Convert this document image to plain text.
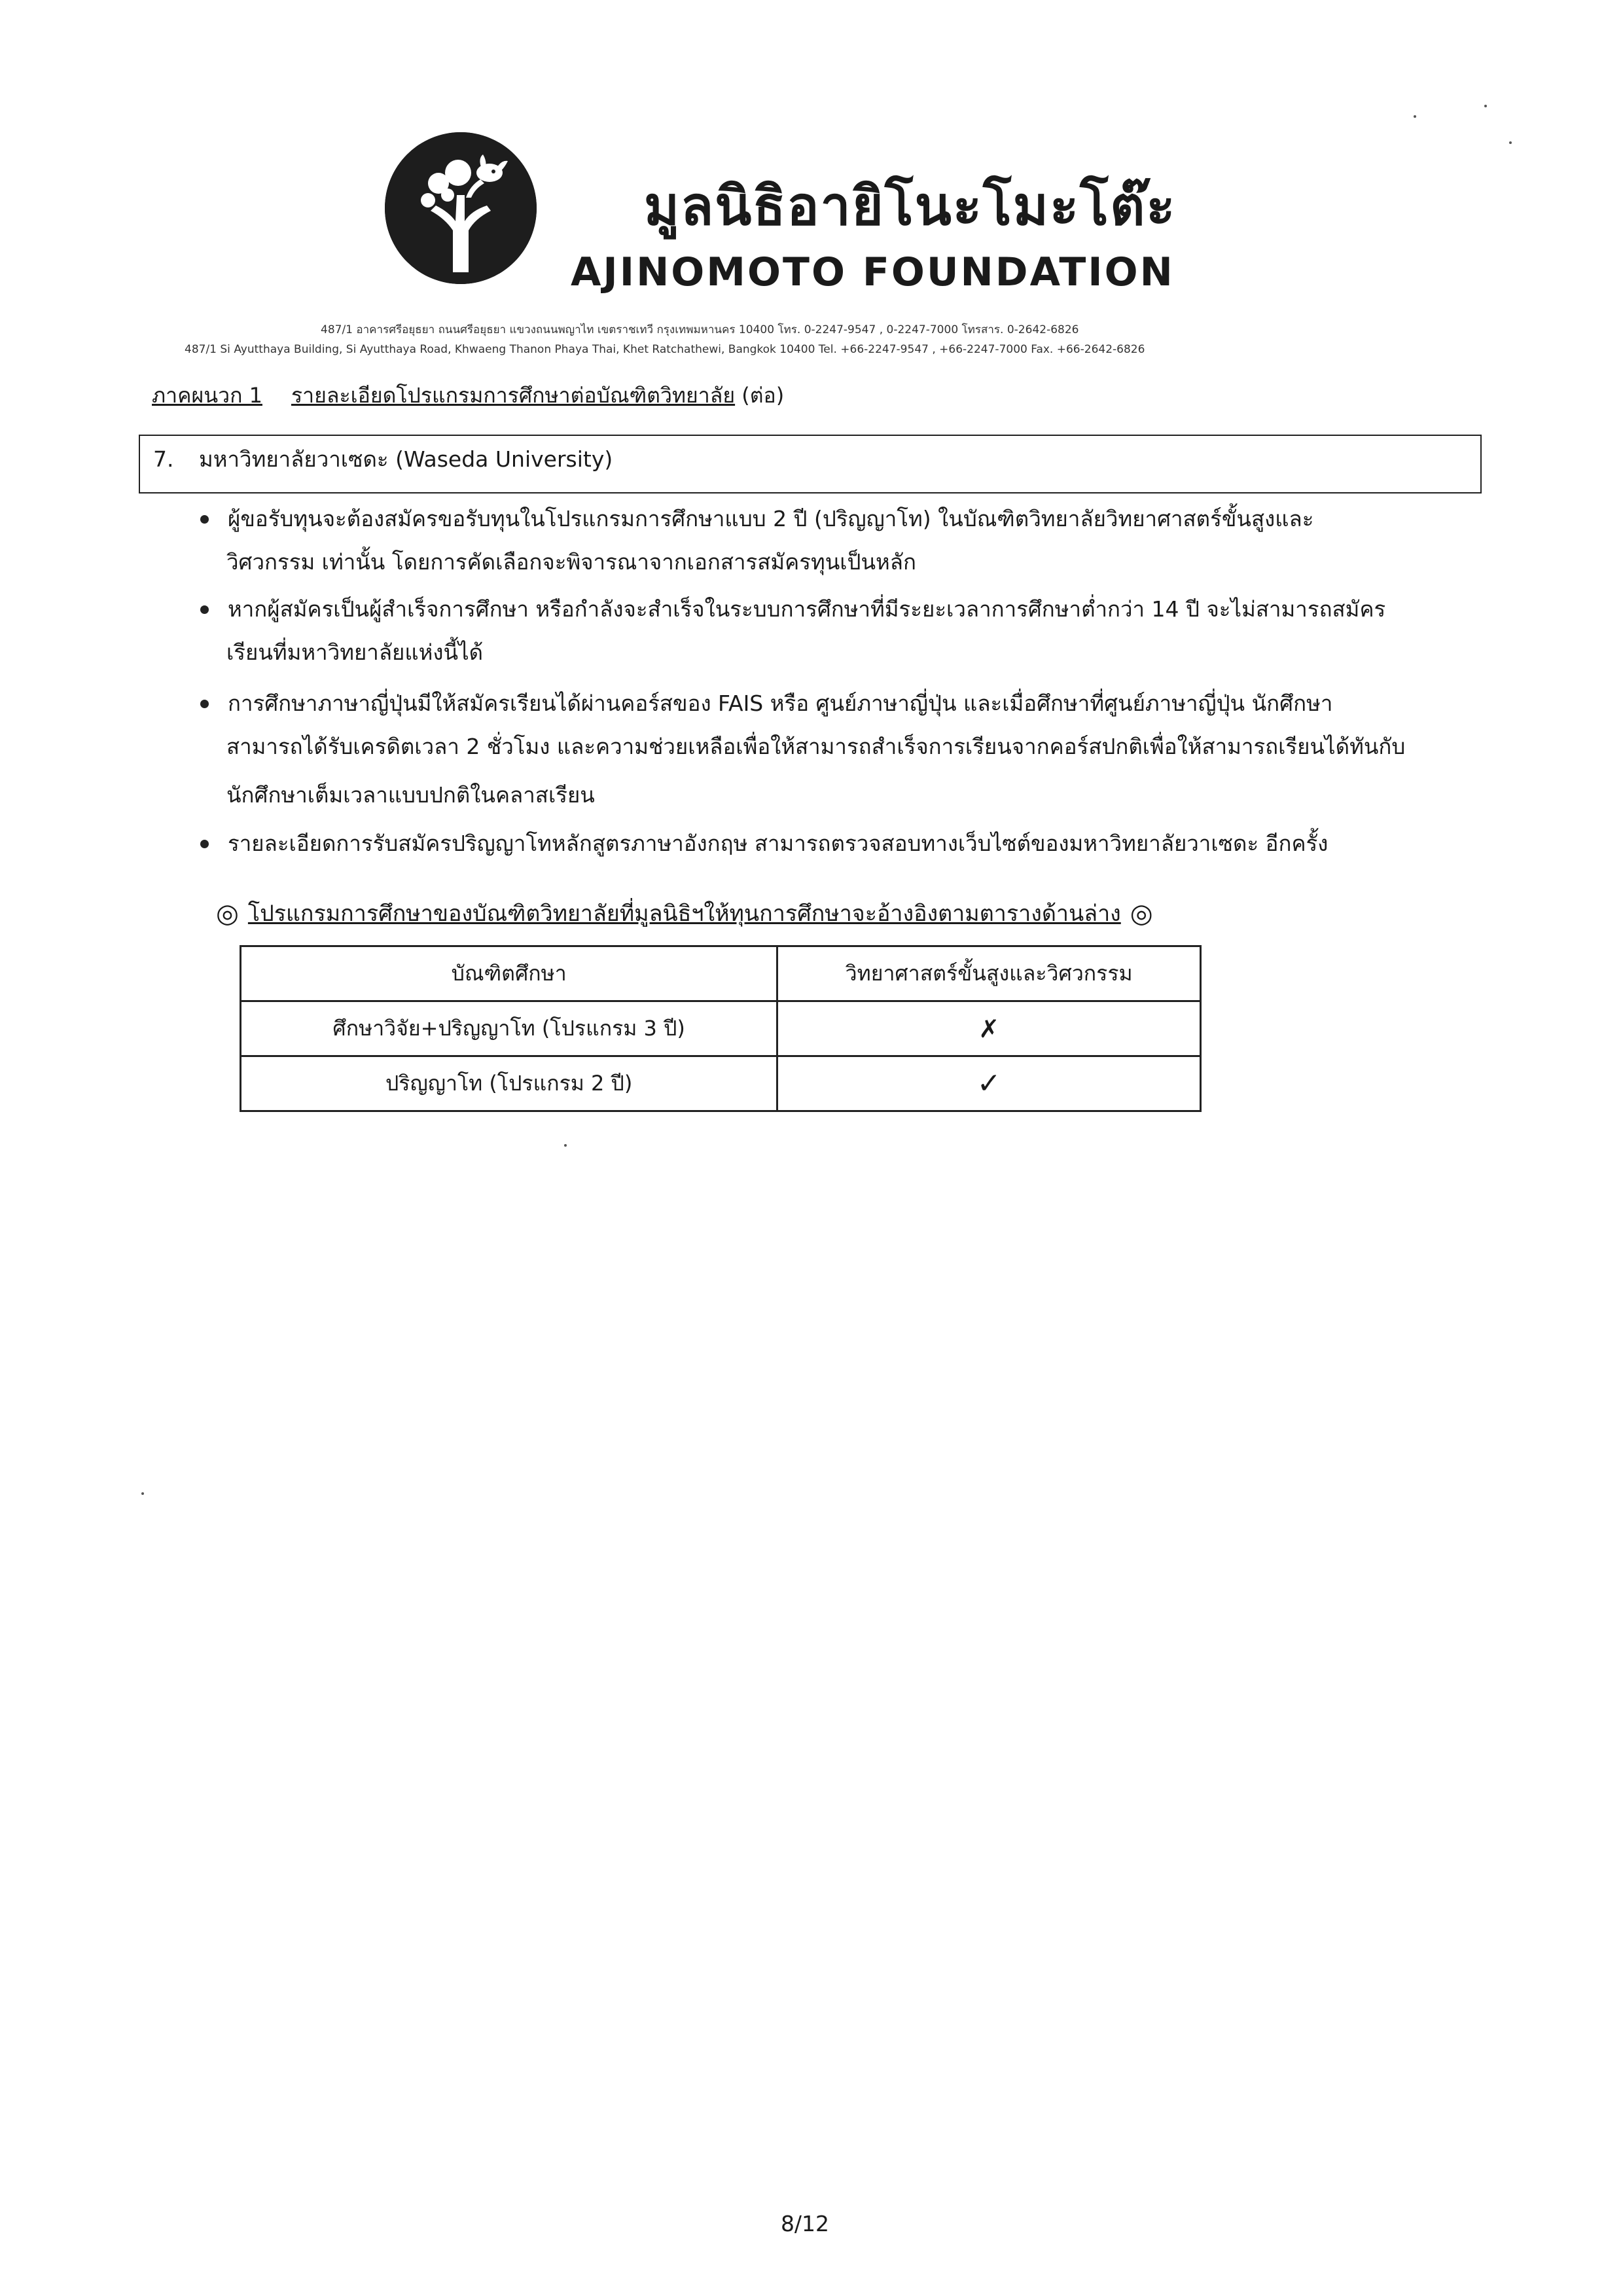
มูลนิธิอายิโนะโมะโต๊ะ
AJINOMOTO FOUNDATION
487/1 อาคารศรีอยุธยา ถนนศรีอยุธยา แขวงถนนพญาไท เขตราชเทวี กรุงเทพมหานคร 10400 โทร. 0-2247-9547 , 0-2247-7000 โทรสาร. 0-2642-6826
487/1 Si Ayutthaya Building, Si Ayutthaya Road, Khwaeng Thanon Phaya Thai, Khet Ratchathewi, Bangkok 10400 Tel. +66-2247-9547 , +66-2247-7000 Fax. +66-2642-6826
ภาคผนวก 1 รายละเอียดโปรแกรมการศึกษาต่อบัณฑิตวิทยาลัย (ต่อ)
7. มหาวิทยาลัยวาเซดะ (Waseda University)
ผู้ขอรับทุนจะต้องสมัครขอรับทุนในโปรแกรมการศึกษาแบบ 2 ปี (ปริญญาโท) ในบัณฑิตวิทยาลัยวิทยาศาสตร์ขั้นสูงและ
วิศวกรรม เท่านั้น โดยการคัดเลือกจะพิจารณาจากเอกสารสมัครทุนเป็นหลัก
หากผู้สมัครเป็นผู้สำเร็จการศึกษา หรือกำลังจะสำเร็จในระบบการศึกษาที่มีระยะเวลาการศึกษาต่ำกว่า 14 ปี จะไม่สามารถสมัคร
เรียนที่มหาวิทยาลัยแห่งนี้ได้
การศึกษาภาษาญี่ปุ่นมีให้สมัครเรียนได้ผ่านคอร์สของ FAIS หรือ ศูนย์ภาษาญี่ปุ่น และเมื่อศึกษาที่ศูนย์ภาษาญี่ปุ่น นักศึกษา
สามารถได้รับเครดิตเวลา 2 ชั่วโมง และความช่วยเหลือเพื่อให้สามารถสำเร็จการเรียนจากคอร์สปกติเพื่อให้สามารถเรียนได้ทันกับ
นักศึกษาเต็มเวลาแบบปกติในคลาสเรียน
รายละเอียดการรับสมัครปริญญาโทหลักสูตรภาษาอังกฤษ สามารถตรวจสอบทางเว็บไซต์ของมหาวิทยาลัยวาเซดะ อีกครั้ง
◎ โปรแกรมการศึกษาของบัณฑิตวิทยาลัยที่มูลนิธิฯให้ทุนการศึกษาจะอ้างอิงตามตารางด้านล่าง ◎
บัณฑิตศึกษา	วิทยาศาสตร์ขั้นสูงและวิศวกรรม
ศึกษาวิจัย+ปริญญาโท (โปรแกรม 3 ปี)	✗
ปริญญาโท (โปรแกรม 2 ปี)	✓
8/12
